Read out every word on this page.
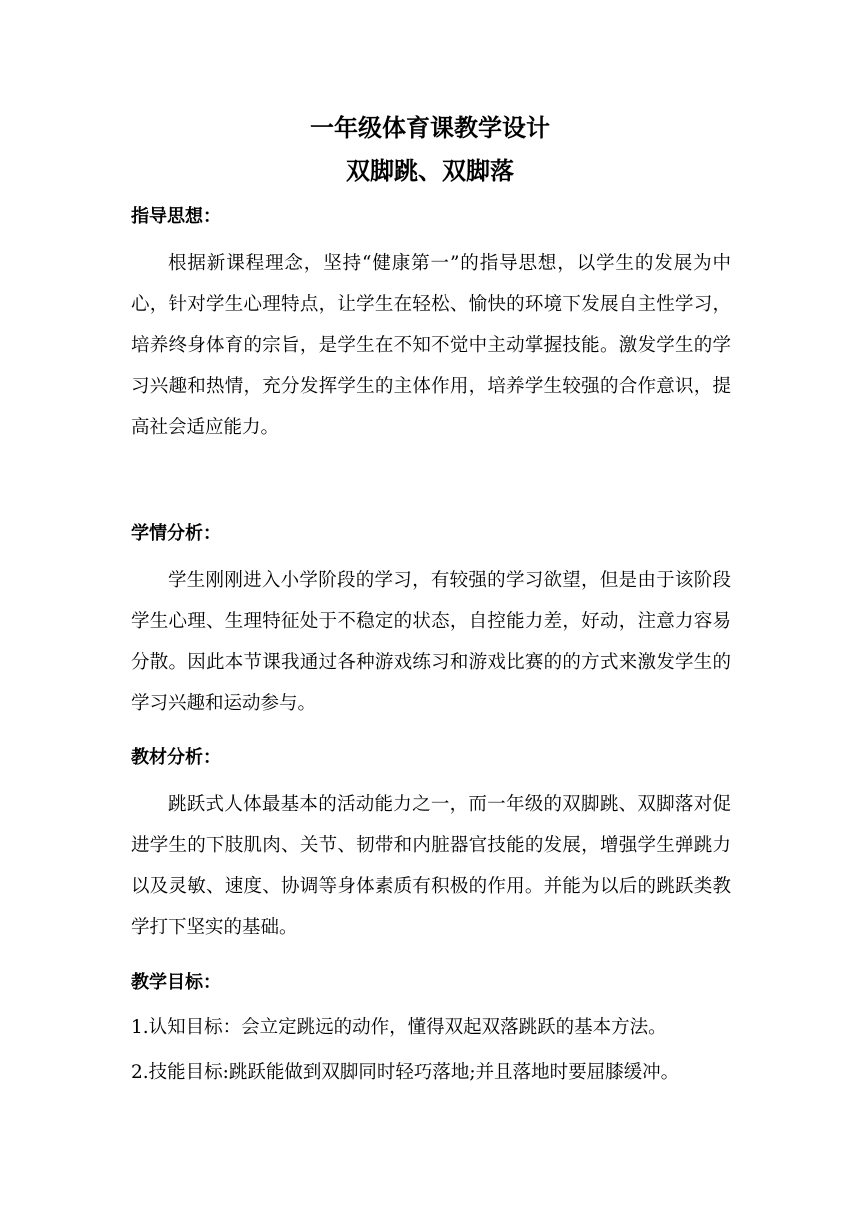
一年级体育课教学设计
双脚跳、双脚落
指导思想：

根据新课程理念，坚持“健康第一”的指导思想，以学生的发展为中心，针对学生心理特点，让学生在轻松、愉快的环境下发展自主性学习，培养终身体育的宗旨，是学生在不知不觉中主动掌握技能。激发学生的学习兴趣和热情，充分发挥学生的主体作用，培养学生较强的合作意识，提高社会适应能力。

学情分析：

学生刚刚进入小学阶段的学习，有较强的学习欲望，但是由于该阶段学生心理、生理特征处于不稳定的状态，自控能力差，好动，注意力容易分散。因此本节课我通过各种游戏练习和游戏比赛的的方式来激发学生的学习兴趣和运动参与。

教材分析：

跳跃式人体最基本的活动能力之一，而一年级的双脚跳、双脚落对促进学生的下肢肌肉、关节、韧带和内脏器官技能的发展，增强学生弹跳力以及灵敏、速度、协调等身体素质有积极的作用。并能为以后的跳跃类教学打下坚实的基础。

教学目标：

1.认知目标：会立定跳远的动作，懂得双起双落跳跃的基本方法。

2.技能目标:跳跃能做到双脚同时轻巧落地;并且落地时要屈膝缓冲。
